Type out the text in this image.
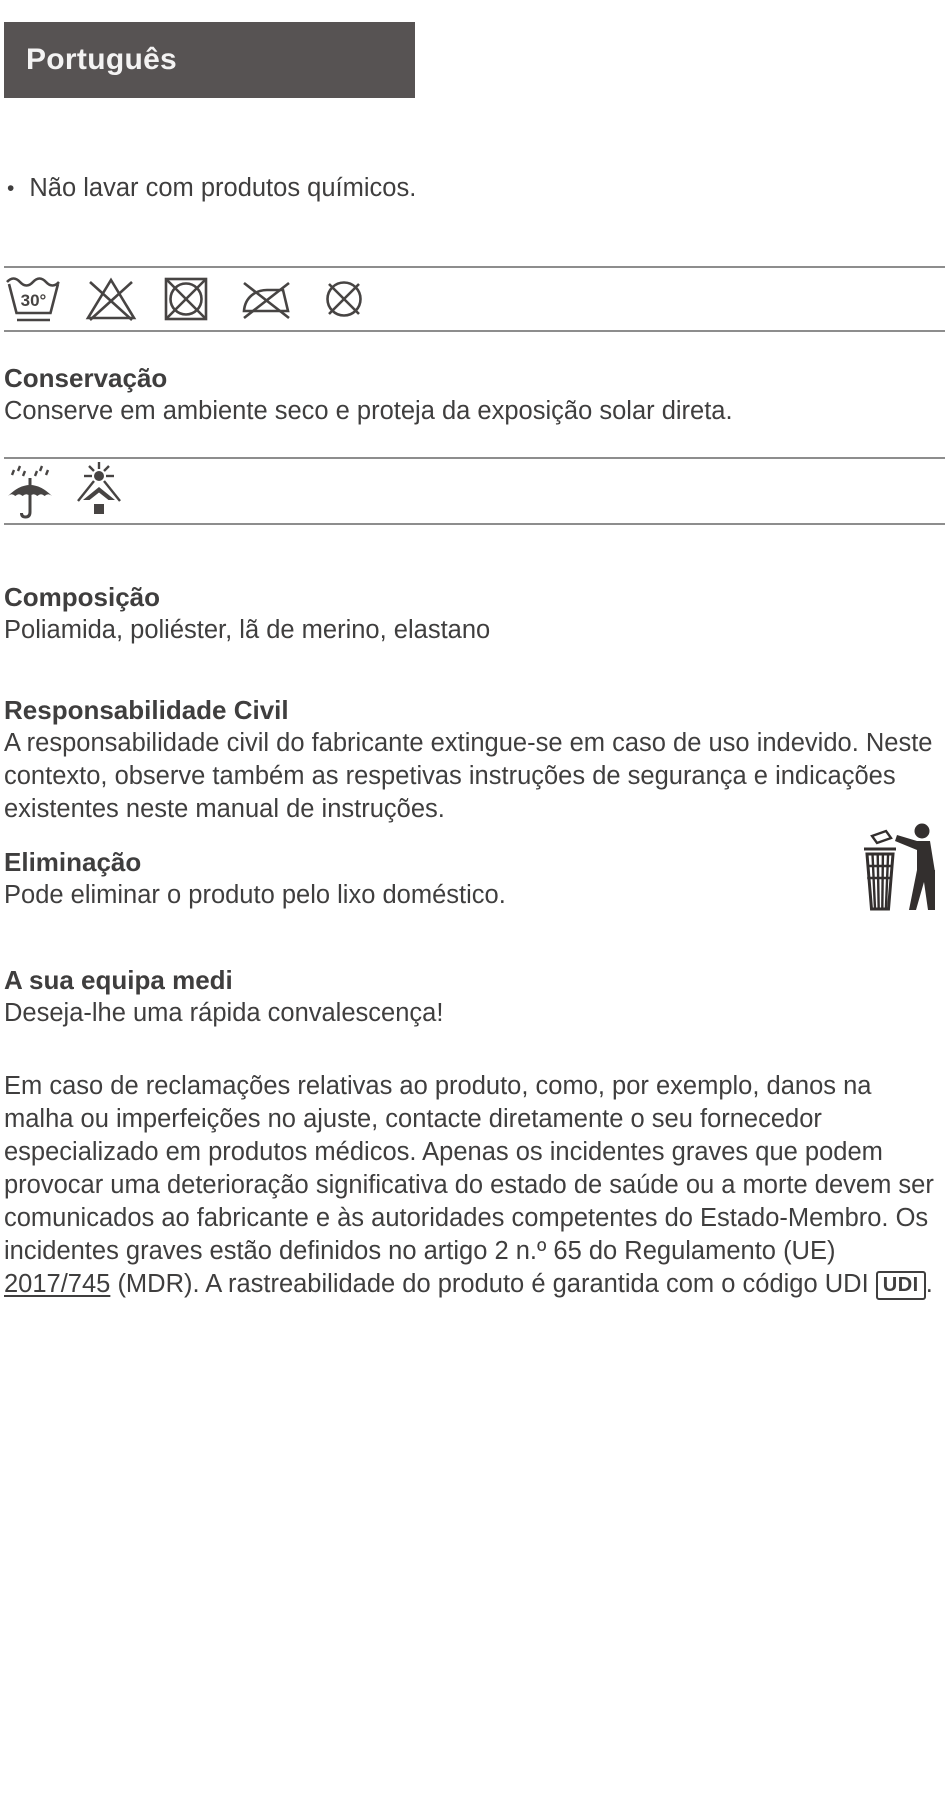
Português
• Não lavar com produtos químicos.
30°
Conservação

Conserve em ambiente seco e proteja da exposição solar direta.

Composição

Poliamida, poliéster, lã de merino, elastano

Responsabilidade Civil

A responsabilidade civil do fabricante extingue-se em caso de uso indevido. Neste contexto, observe também as respetivas instruções de segurança e indicações existentes neste manual de instruções.

Eliminação

Pode eliminar o produto pelo lixo doméstico.

A sua equipa medi

Deseja-lhe uma rápida convalescença!

Em caso de reclamações relativas ao produto, como, por exemplo, danos na malha ou imperfeições no ajuste, contacte diretamente o seu fornecedor especializado em produtos médicos. Apenas os incidentes graves que podem provocar uma deterioração significativa do estado de saúde ou a morte devem ser comunicados ao fabricante e às autoridades competentes do Estado-Membro. Os incidentes graves estão definidos no artigo 2 n.º 65 do Regulamento (UE) 2017/745 (MDR). A rastreabilidade do produto é garantida com o código UDI UDI .
